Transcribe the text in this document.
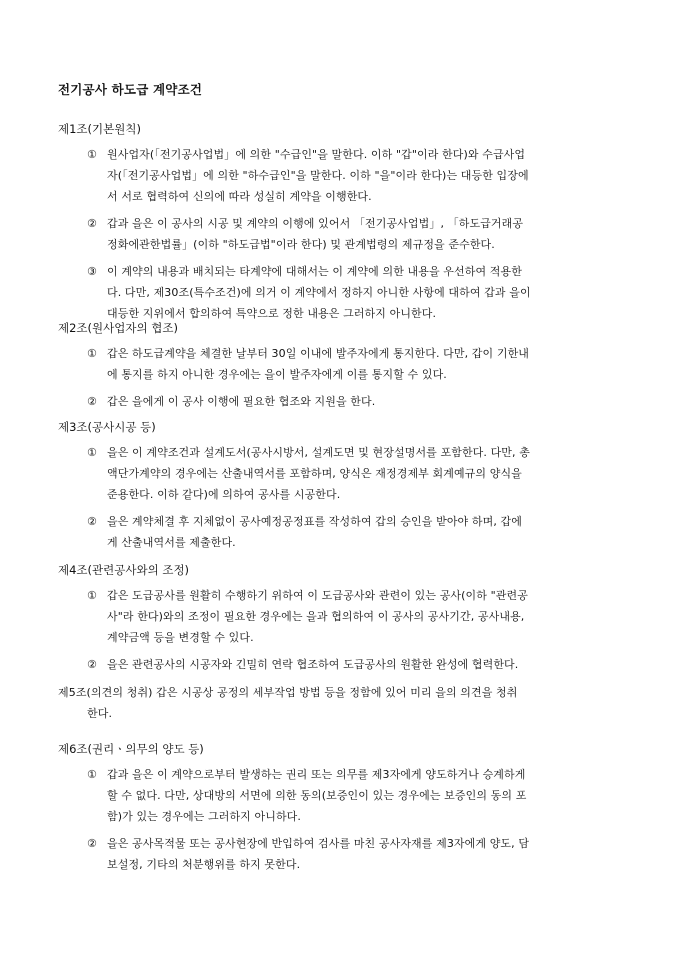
전기공사 하도급 계약조건
제1조(기본원칙)
① 원사업자(「전기공사업법」에 의한 "수급인"을 말한다. 이하 "갑"이라 한다)와 수급사업
자(「전기공사업법」에 의한 "하수급인"을 말한다. 이하 "을"이라 한다)는 대등한 입장에
서 서로 협력하여 신의에 따라 성실히 계약을 이행한다.
② 갑과 을은 이 공사의 시공 및 계약의 이행에 있어서 「전기공사업법」, 「하도급거래공
정화에관한법률」(이하 "하도급법"이라 한다) 및 관계법령의 제규정을 준수한다.
③ 이 계약의 내용과 배치되는 타계약에 대해서는 이 계약에 의한 내용을 우선하여 적용한
다. 다만, 제30조(특수조건)에 의거 이 계약에서 정하지 아니한 사항에 대하여 갑과 을이
대등한 지위에서 합의하여 특약으로 정한 내용은 그러하지 아니한다.
제2조(원사업자의 협조)
① 갑은 하도급계약을 체결한 날부터 30일 이내에 발주자에게 통지한다. 다만, 갑이 기한내
에 통지를 하지 아니한 경우에는 을이 발주자에게 이를 통지할 수 있다.
② 갑은 을에게 이 공사 이행에 필요한 협조와 지원을 한다.
제3조(공사시공 등)
① 을은 이 계약조건과 설계도서(공사시방서, 설계도면 및 현장설명서를 포함한다. 다만, 총
액단가계약의 경우에는 산출내역서를 포함하며, 양식은 재정경제부 회계예규의 양식을
준용한다. 이하 같다)에 의하여 공사를 시공한다.
② 을은 계약체결 후 지체없이 공사예정공정표를 작성하여 갑의 승인을 받아야 하며, 갑에
게 산출내역서를 제출한다.
제4조(관련공사와의 조정)
① 갑은 도급공사를 원활히 수행하기 위하여 이 도급공사와 관련이 있는 공사(이하 "관련공
사"라 한다)와의 조정이 필요한 경우에는 을과 협의하여 이 공사의 공사기간, 공사내용,
계약금액 등을 변경할 수 있다.
② 을은 관련공사의 시공자와 긴밀히 연락 협조하여 도급공사의 원활한 완성에 협력한다.
제5조(의견의 청취) 갑은 시공상 공정의 세부작업 방법 등을 정함에 있어 미리 을의 의견을 청취
한다.
제6조(권리ㆍ의무의 양도 등)
① 갑과 을은 이 계약으로부터 발생하는 권리 또는 의무를 제3자에게 양도하거나 승계하게
할 수 없다. 다만, 상대방의 서면에 의한 동의(보증인이 있는 경우에는 보증인의 동의 포
함)가 있는 경우에는 그러하지 아니하다.
② 을은 공사목적물 또는 공사현장에 반입하여 검사를 마친 공사자재를 제3자에게 양도, 담
보설정, 기타의 처분행위를 하지 못한다.
